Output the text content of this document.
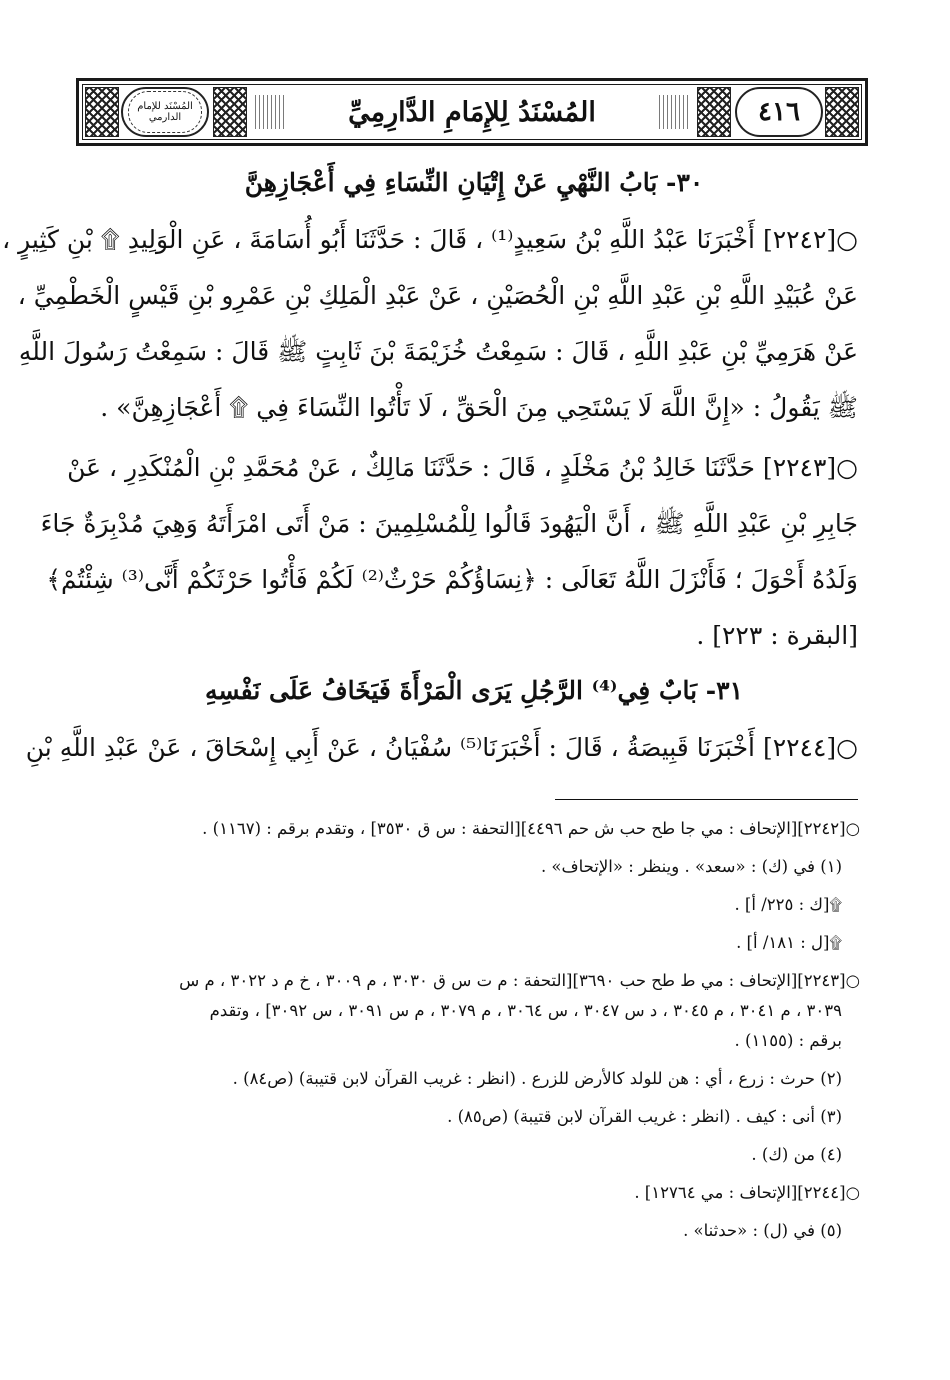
٤١٦
المُسْنَدُ لِلإِمَامِ الدَّارِمِيِّ
المُسْنَد للإمام الدارمي
٣٠- بَابُ النَّهْيِ عَنْ إِتْيَانِ النِّسَاءِ فِي أَعْجَازِهِنَّ
○[٢٢٤٢] أَخْبَرَنَا عَبْدُ اللَّهِ بْنُ سَعِيدٍ⁽¹⁾ ، قَالَ : حَدَّثَنَا أَبُو أُسَامَةَ ، عَنِ الْوَلِيدِ ۩ بْنِ كَثِيرٍ ،
عَنْ عُبَيْدِ اللَّهِ بْنِ عَبْدِ اللَّهِ بْنِ الْحُصَيْنِ ، عَنْ عَبْدِ الْمَلِكِ بْنِ عَمْرِو بْنِ قَيْسٍ الْخَطْمِيِّ ،
عَنْ هَرَمِيِّ بْنِ عَبْدِ اللَّهِ ، قَالَ : سَمِعْتُ خُزَيْمَةَ بْنَ ثَابِتٍ ﷺ قَالَ : سَمِعْتُ رَسُولَ اللَّهِ
ﷺ يَقُولُ : «إِنَّ اللَّهَ لَا يَسْتَحِي مِنَ الْحَقِّ ، لَا تَأْتُوا النِّسَاءَ فِي ۩ أَعْجَازِهِنَّ» .
○[٢٢٤٣] حَدَّثَنَا خَالِدُ بْنُ مَخْلَدٍ ، قَالَ : حَدَّثَنَا مَالِكٌ ، عَنْ مُحَمَّدِ بْنِ الْمُنْكَدِرِ ، عَنْ
جَابِرِ بْنِ عَبْدِ اللَّهِ ﷺ ، أَنَّ الْيَهُودَ قَالُوا لِلْمُسْلِمِينَ : مَنْ أَتَى امْرَأَتَهُ وَهِيَ مُدْبِرَةٌ جَاءَ
وَلَدُهُ أَحْوَلَ ؛ فَأَنْزَلَ اللَّهُ تَعَالَى : ﴿نِسَاؤُكُمْ حَرْثٌ⁽²⁾ لَكُمْ فَأْتُوا حَرْثَكُمْ أَنَّى⁽³⁾ شِئْتُمْ﴾
[البقرة : ٢٢٣] .
٣١- بَابٌ فِي⁽⁴⁾ الرَّجُلِ يَرَى الْمَرْأَةَ فَيَخَافُ عَلَى نَفْسِهِ
○[٢٢٤٤] أَخْبَرَنَا قَبِيصَةُ ، قَالَ : أَخْبَرَنَا⁽⁵⁾ سُفْيَانُ ، عَنْ أَبِي إِسْحَاقَ ، عَنْ عَبْدِ اللَّهِ بْنِ
○[٢٢٤٢][الإتحاف : مي جا طح حب ش حم ٤٤٩٦][التحفة : س ق ٣٥٣٠] ، وتقدم برقم : (١١٦٧) .
(١) في (ك) : «سعد» . وينظر : «الإتحاف» .
۩[ك : ٢٢٥/ أ] .
۩[ل : ١٨١/ أ] .
○[٢٢٤٣][الإتحاف : مي ط طح حب ٣٦٩٠][التحفة : م ت س ق ٣٠٣٠ ، م ٣٠٠٩ ، خ م د ٣٠٢٢ ، م س
٣٠٣٩ ، م ٣٠٤١ ، م ٣٠٤٥ ، د س ٣٠٤٧ ، س ٣٠٦٤ ، م ٣٠٧٩ ، م س ٣٠٩١ ، س ٣٠٩٢] ، وتقدم
برقم : (١١٥٥) .
(٢) حرث : زرع ، أي : هن للولد كالأرض للزرع . (انظر : غريب القرآن لابن قتيبة) (ص٨٤) .
(٣) أنى : كيف . (انظر : غريب القرآن لابن قتيبة) (ص٨٥) .
(٤) من (ك) .
○[٢٢٤٤][الإتحاف : مي ١٢٧٦٤] .
(٥) في (ل) : «حدثنا» .
